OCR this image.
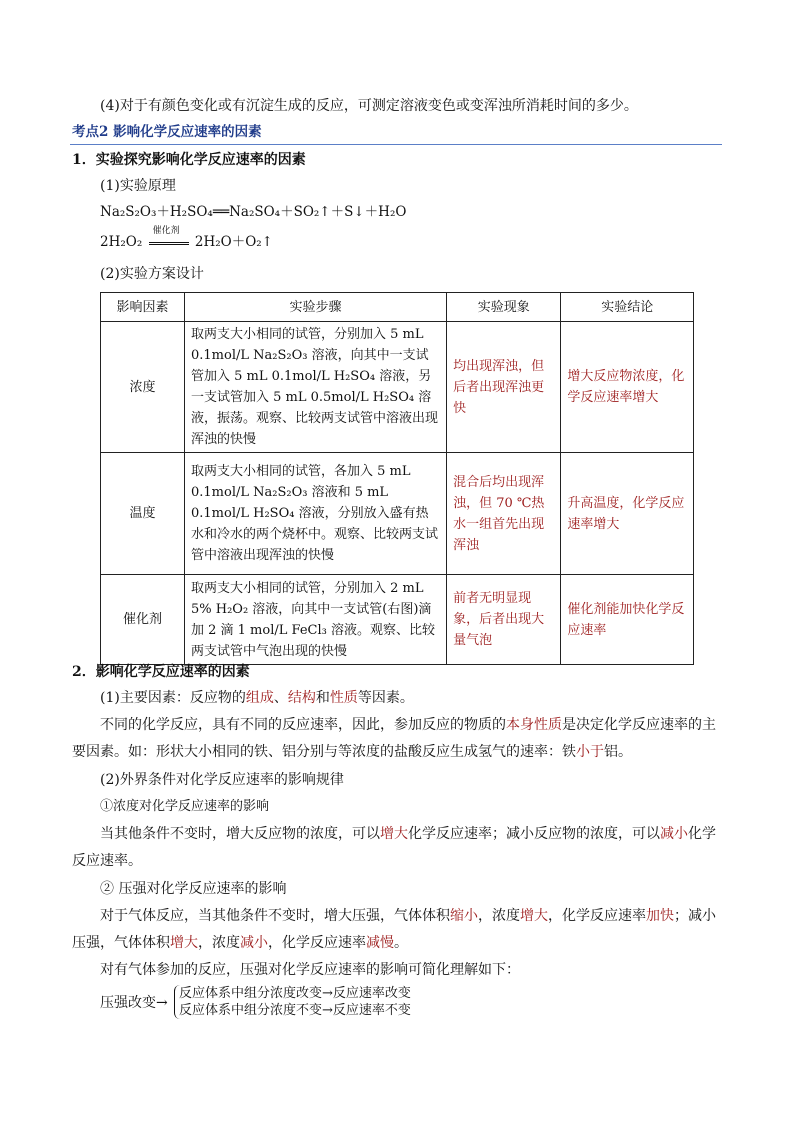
(4)对于有颜色变化或有沉淀生成的反应，可测定溶液变色或变浑浊所消耗时间的多少。
考点2 影响化学反应速率的因素
1．实验探究影响化学反应速率的因素
(1)实验原理
Na₂S₂O₃＋H₂SO₄══Na₂SO₄＋SO₂↑＋S↓＋H₂O
2H₂O₂
催化剂
2H₂O＋O₂↑
(2)实验方案设计
影响因素	实验步骤	实验现象	实验结论
浓度	取两支大小相同的试管，分别加入 5 mL 0.1mol/L Na₂S₂O₃ 溶液，向其中一支试管加入 5 mL 0.1mol/L H₂SO₄ 溶液，另一支试管加入 5 mL 0.5mol/L H₂SO₄ 溶液，振荡。观察、比较两支试管中溶液出现浑浊的快慢	均出现浑浊，但后者出现浑浊更快	增大反应物浓度，化学反应速率增大
温度	取两支大小相同的试管，各加入 5 mL 0.1mol/L Na₂S₂O₃ 溶液和 5 mL 0.1mol/L H₂SO₄ 溶液，分别放入盛有热水和冷水的两个烧杯中。观察、比较两支试管中溶液出现浑浊的快慢	混合后均出现浑浊，但 70 ℃热水一组首先出现浑浊	升高温度，化学反应速率增大
催化剂	取两支大小相同的试管，分别加入 2 mL 5% H₂O₂ 溶液，向其中一支试管(右图)滴加 2 滴 1 mol/L FeCl₃ 溶液。观察、比较两支试管中气泡出现的快慢	前者无明显现象，后者出现大量气泡	催化剂能加快化学反应速率
2．影响化学反应速率的因素
(1)主要因素：反应物的组成、结构和性质等因素。
不同的化学反应，具有不同的反应速率，因此，参加反应的物质的本身性质是决定化学反应速率的主
要因素。如：形状大小相同的铁、铝分别与等浓度的盐酸反应生成氢气的速率：铁小于铝。
(2)外界条件对化学反应速率的影响规律
①浓度对化学反应速率的影响
当其他条件不变时，增大反应物的浓度，可以增大化学反应速率；减小反应物的浓度，可以减小化学
反应速率。
② 压强对化学反应速率的影响
对于气体反应，当其他条件不变时，增大压强，气体体积缩小，浓度增大，化学反应速率加快；减小
压强，气体体积增大，浓度减小，化学反应速率减慢。
对有气体参加的反应，压强对化学反应速率的影响可简化理解如下：
压强改变→
反应体系中组分浓度改变→反应速率改变
反应体系中组分浓度不变→反应速率不变
